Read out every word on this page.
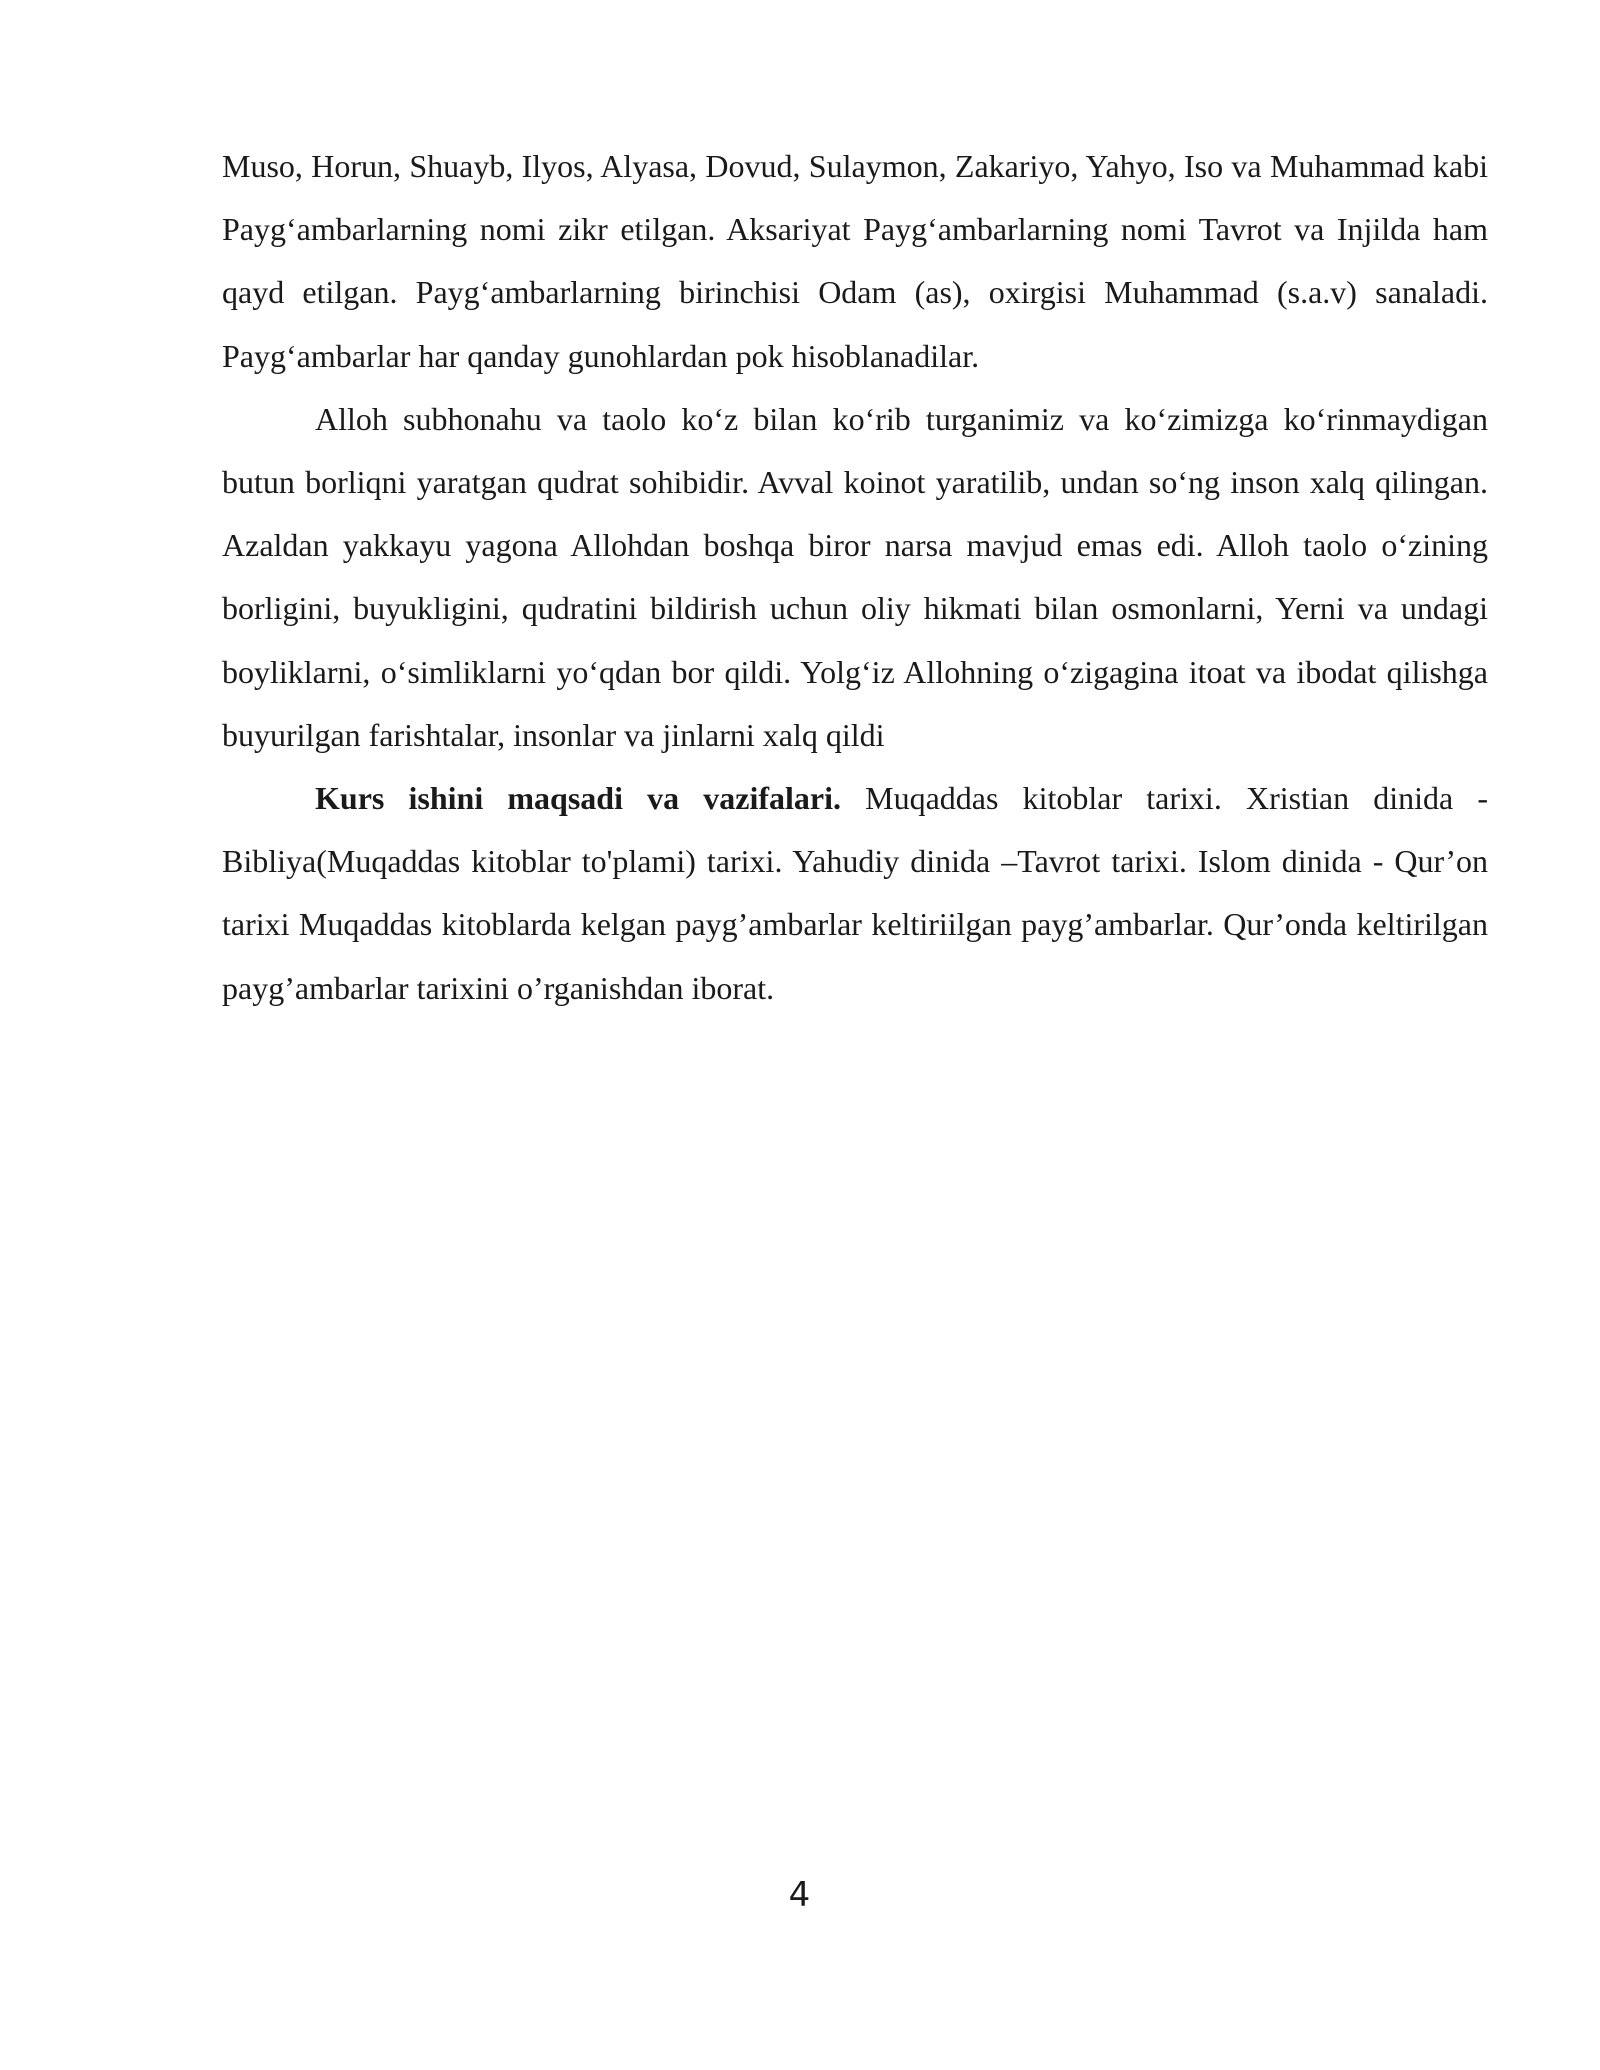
Muso, Horun, Shuayb, Ilyos, Alyasa, Dovud, Sulaymon, Zakariyo, Yahyo, Iso va Muhammad kabi Payg‘ambarlarning nomi zikr etilgan. Aksariyat Payg‘ambarlarning nomi Tavrot va Injilda ham qayd etilgan. Payg‘ambarlarning birinchisi Odam (as), oxirgisi Muhammad (s.a.v) sanaladi. Payg‘ambarlar har qanday gunohlardan pok hisoblanadilar.

Alloh subhonahu va taolo ko‘z bilan ko‘rib turganimiz va ko‘zimizga ko‘rinmaydigan butun borliqni yaratgan qudrat sohibidir. Avval koinot yaratilib, undan so‘ng inson xalq qilingan. Azaldan yakkayu yagona Allohdan boshqa biror narsa mavjud emas edi. Alloh taolo o‘zining borligini, buyukligini, qudratini bildirish uchun oliy hikmati bilan osmonlarni, Yerni va undagi boyliklarni, o‘simliklarni yo‘qdan bor qildi. Yolg‘iz Allohning o‘zigagina itoat va ibodat qilishga buyurilgan farishtalar, insonlar va jinlarni xalq qildi

Kurs ishini maqsadi va vazifalari. Muqaddas kitoblar tarixi. Xristian dinida - Bibliya(Muqaddas kitoblar to'plami) tarixi. Yahudiy dinida –Tavrot tarixi. Islom dinida - Qur’on tarixi Muqaddas kitoblarda kelgan payg’ambarlar keltiriilgan payg’ambarlar. Qur’onda keltirilgan payg’ambarlar tarixini o’rganishdan iborat.

4
